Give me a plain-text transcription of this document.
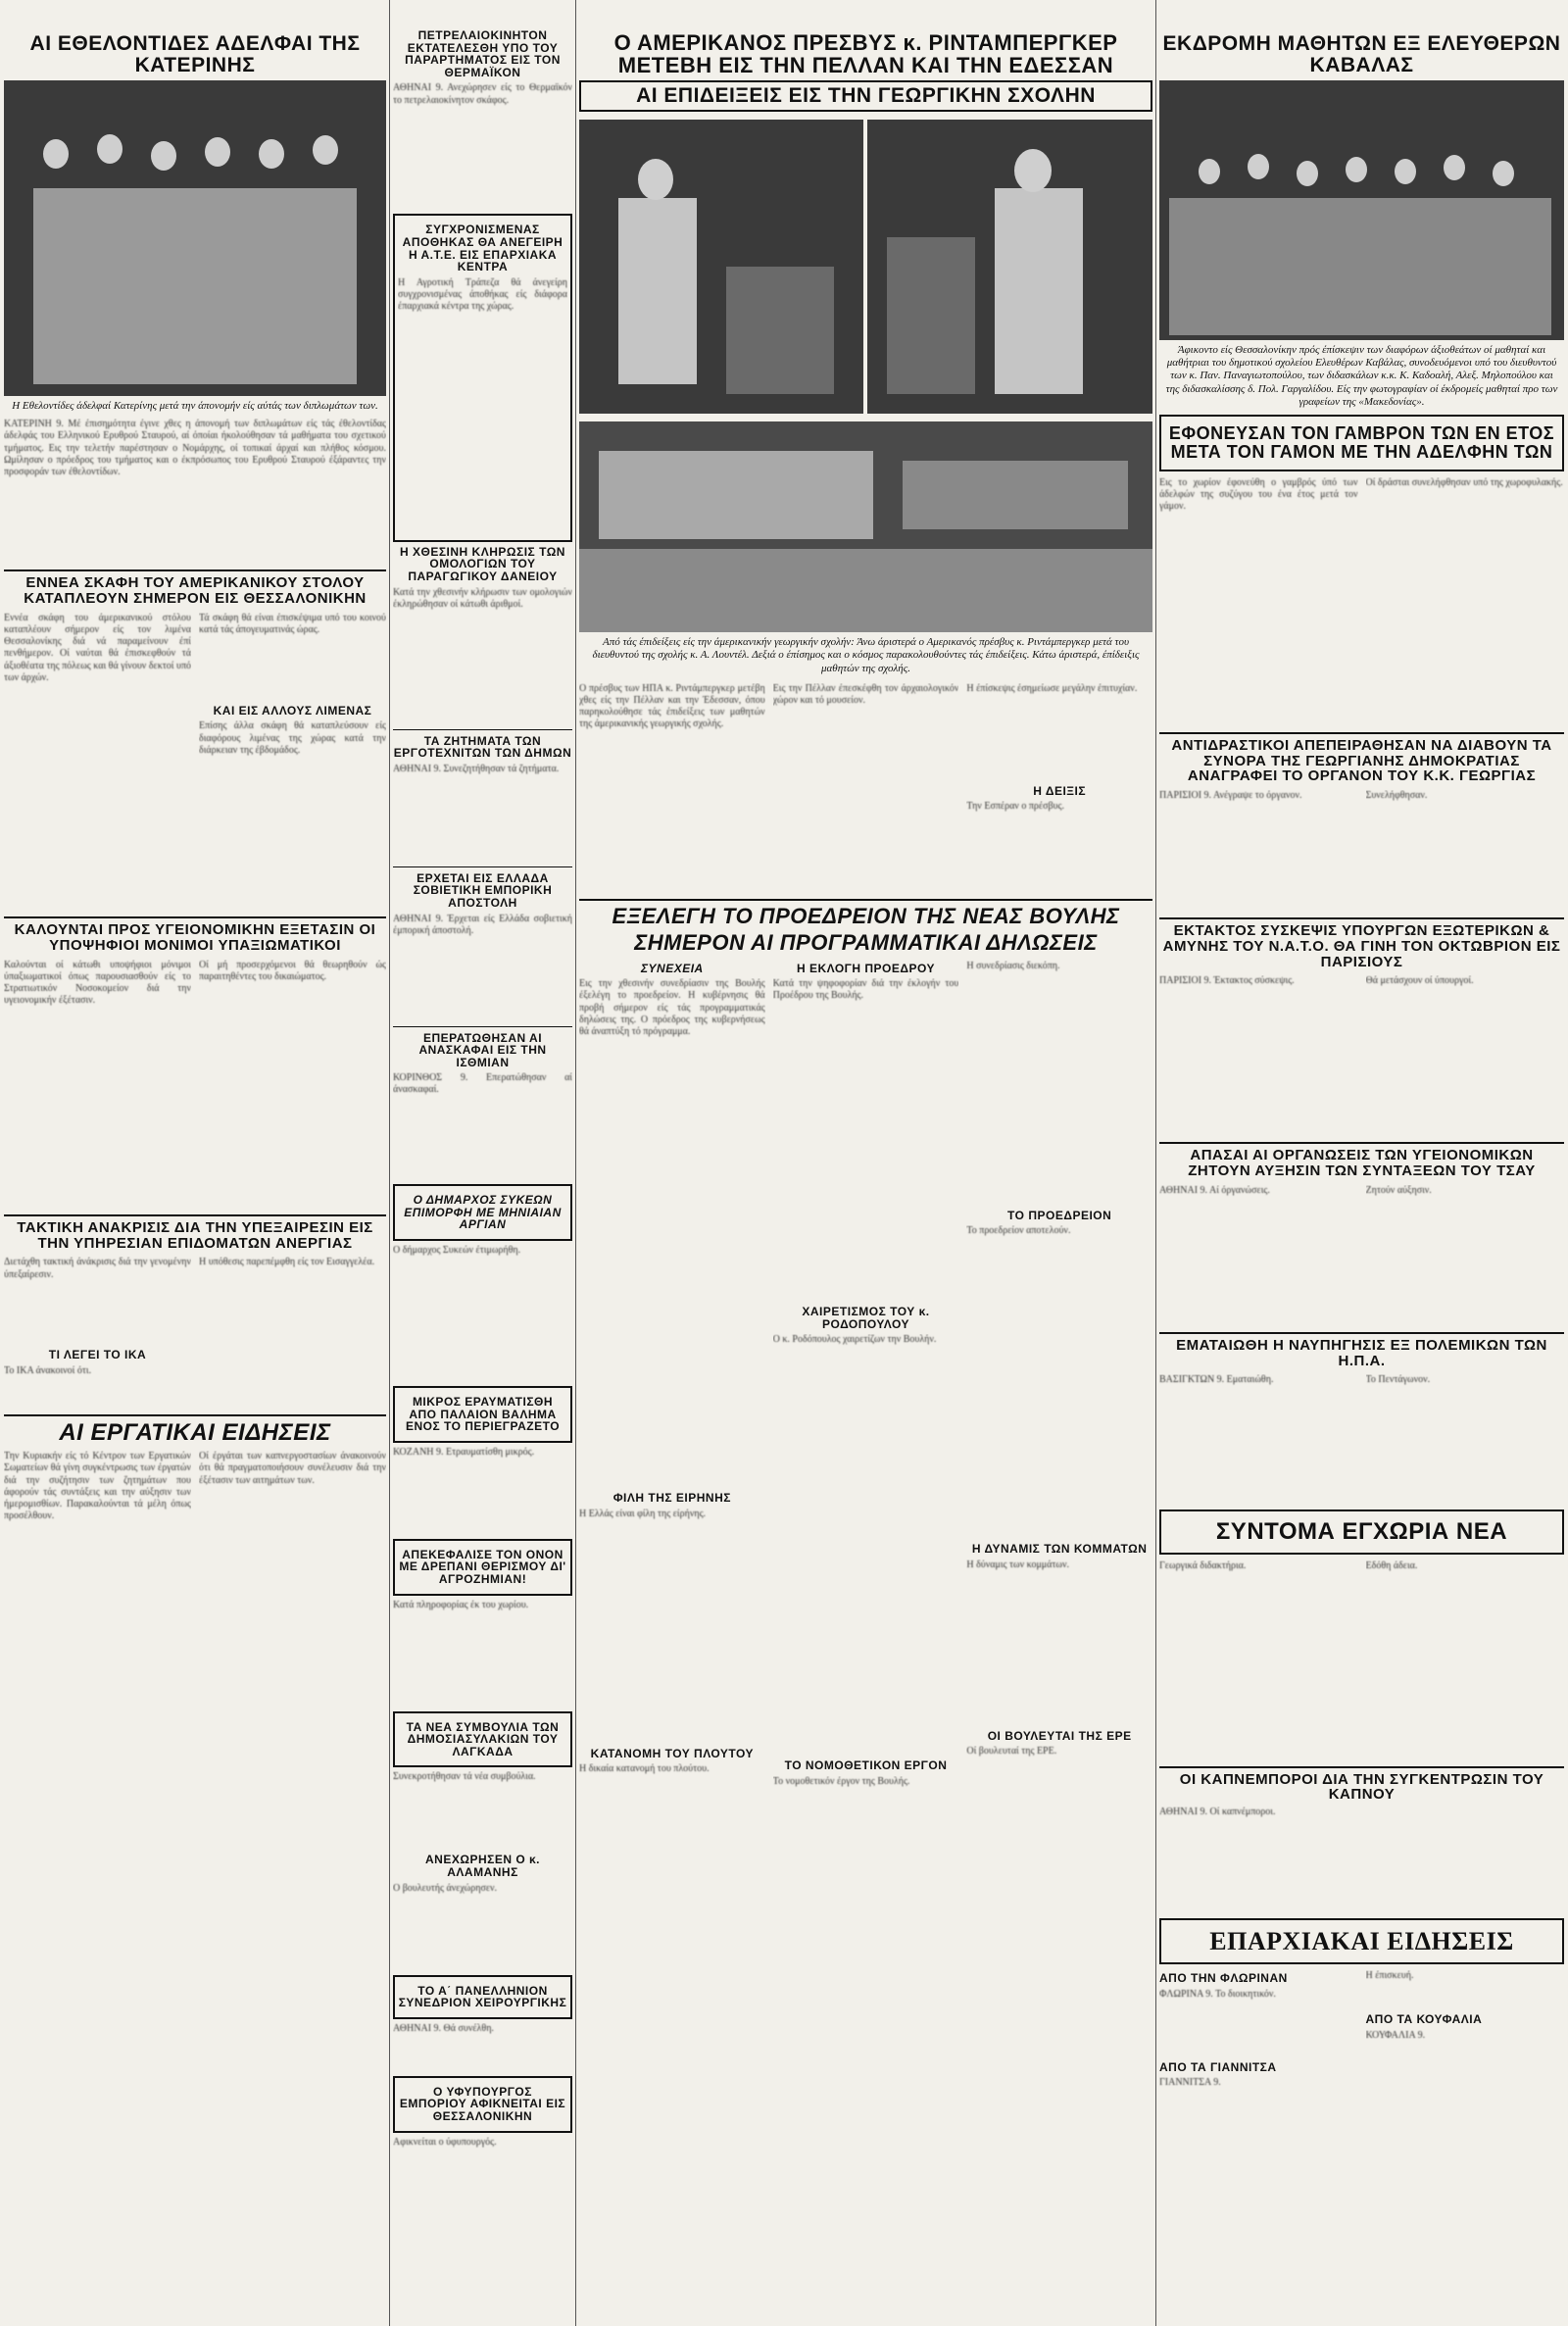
ΑΙ ΕΘΕΛΟΝΤΙΔΕΣ ΑΔΕΛΦΑΙ ΤΗΣ ΚΑΤΕΡΙΝΗΣ
Η Εθελοντίδες άδελφαί Κατερίνης μετά την άπονομήν είς αύτάς των διπλωμάτων των.
ΚΑΤΕΡΙΝΗ 9. Μέ έπισημότητα έγινε χθες η άπονομή των διπλωμάτων είς τάς έθελοντίδας άδελφάς του Ελληνικού Ερυθρού Σταυρού, αί όποίαι ήκολούθησαν τά μαθήματα του σχετικού τμήματος. Εις την τελετήν παρέστησαν ο Νομάρχης, οί τοπικαί άρχαί και πλήθος κόσμου. Ωμίλησαν ο πρόεδρος του τμήματος και ο έκπρόσωπος του Ερυθρού Σταυρού έξάραντες την προσφοράν των έθελοντίδων.
ΕΝΝΕΑ ΣΚΑΦΗ ΤΟΥ ΑΜΕΡΙΚΑΝΙΚΟΥ ΣΤΟΛΟΥ ΚΑΤΑΠΛΕΟΥΝ ΣΗΜΕΡΟΝ ΕΙΣ ΘΕΣΣΑΛΟΝΙΚΗΝ
Εννέα σκάφη του άμερικανικού στόλου καταπλέουν σήμερον είς τον λιμένα Θεσσαλονίκης διά νά παραμείνουν έπί πενθήμερον. Οί ναύται θά έπισκεφθούν τά άξιοθέατα της πόλεως και θά γίνουν δεκτοί υπό των άρχών.
Τά σκάφη θά είναι έπισκέψιμα υπό του κοινού κατά τάς άπογευματινάς ώρας.
ΚΑΙ ΕΙΣ ΑΛΛΟΥΣ ΛΙΜΕΝΑΣ
Επίσης άλλα σκάφη θά καταπλεύσουν είς διαφόρους λιμένας της χώρας κατά την διάρκειαν της έβδομάδος.
ΚΑΛΟΥΝΤΑΙ ΠΡΟΣ ΥΓΕΙΟΝΟΜΙΚΗΝ ΕΞΕΤΑΣΙΝ ΟΙ ΥΠΟΨΗΦΙΟΙ ΜΟΝΙΜΟΙ ΥΠΑΞΙΩΜΑΤΙΚΟΙ
Καλούνται οί κάτωθι υποψήφιοι μόνιμοι ύπαξιωματικοί όπως παρουσιασθούν είς το Στρατιωτικόν Νοσοκομείον διά την υγειονομικήν έξέτασιν.
Οί μή προσερχόμενοι θά θεωρηθούν ώς παραιτηθέντες του δικαιώματος.
ΤΑΚΤΙΚΗ ΑΝΑΚΡΙΣΙΣ ΔΙΑ ΤΗΝ ΥΠΕΞΑΙΡΕΣΙΝ ΕΙΣ ΤΗΝ ΥΠΗΡΕΣΙΑΝ ΕΠΙΔΟΜΑΤΩΝ ΑΝΕΡΓΙΑΣ
Διετάχθη τακτική άνάκρισις διά την γενομένην ύπεξαίρεσιν.
ΤΙ ΛΕΓΕΙ ΤΟ ΙΚΑ
Το ΙΚΑ άνακοινοί ότι.
Η υπόθεσις παρεπέμφθη είς τον Εισαγγελέα.
ΑΙ ΕΡΓΑΤΙΚΑΙ ΕΙΔΗΣΕΙΣ
Την Κυριακήν είς τό Κέντρον των Εργατικών Σωματείων θά γίνη συγκέντρωσις των έργατών διά την συζήτησιν των ζητημάτων που άφορούν τάς συντάξεις και την αύξησιν των ήμερομισθίων. Παρακαλούνται τά μέλη όπως προσέλθουν.
Οί έργάται των καπνεργοστασίων άνακοινούν ότι θά πραγματοποιήσουν συνέλευσιν διά την έξέτασιν των αιτημάτων των.
ΠΕΤΡΕΛΑΙΟΚΙΝΗΤΟΝ ΕΚΤΑΤΕΛΕΣΘΗ ΥΠΟ ΤΟΥ ΠΑΡΑΡΤΗΜΑΤΟΣ ΕΙΣ ΤΟΝ ΘΕΡΜΑΪΚΟΝ
ΑΘΗΝΑΙ 9. Ανεχώρησεν είς το Θερμαϊκόν το πετρελαιοκίνητον σκάφος.
ΣΥΓΧΡΟΝΙΣΜΕΝΑΣ ΑΠΟΘΗΚΑΣ ΘΑ ΑΝΕΓΕΙΡΗ Η Α.Τ.Ε. ΕΙΣ ΕΠΑΡΧΙΑΚΑ ΚΕΝΤΡΑ
Η Αγροτική Τράπεζα θά άνεγείρη συγχρονισμένας άποθήκας είς διάφορα έπαρχιακά κέντρα της χώρας.
Η ΧΘΕΣΙΝΗ ΚΛΗΡΩΣΙΣ ΤΩΝ ΟΜΟΛΟΓΙΩΝ ΤΟΥ ΠΑΡΑΓΩΓΙΚΟΥ ΔΑΝΕΙΟΥ
Κατά την χθεσινήν κλήρωσιν των ομολογιών έκληρώθησαν οί κάτωθι άριθμοί.
ΤΑ ΖΗΤΗΜΑΤΑ ΤΩΝ ΕΡΓΟΤΕΧΝΙΤΩΝ ΤΩΝ ΔΗΜΩΝ
ΑΘΗΝΑΙ 9. Συνεζητήθησαν τά ζητήματα.
ΕΡΧΕΤΑΙ ΕΙΣ ΕΛΛΑΔΑ ΣΟΒΙΕΤΙΚΗ ΕΜΠΟΡΙΚΗ ΑΠΟΣΤΟΛΗ
ΑΘΗΝΑΙ 9. Έρχεται είς Ελλάδα σοβιετική έμπορική άποστολή.
ΕΠΕΡΑΤΩΘΗΣΑΝ ΑΙ ΑΝΑΣΚΑΦΑΙ ΕΙΣ ΤΗΝ ΙΣΘΜΙΑΝ
ΚΟΡΙΝΘΟΣ 9. Επερατώθησαν αί άνασκαφαί.
Ο ΔΗΜΑΡΧΟΣ ΣΥΚΕΩΝ ΕΠΙΜΟΡΦΗ ΜΕ ΜΗΝΙΑΙΑΝ ΑΡΓΙΑΝ
Ο δήμαρχος Συκεών έτιμωρήθη.
ΜΙΚΡΟΣ ΕΡΑΥΜΑΤΙΣΘΗ ΑΠΟ ΠΑΛΑΙΟΝ ΒΑΛΗΜΑ ΕΝΟΣ ΤΟ ΠΕΡΙΕΓΡΑΖΕΤΟ
ΚΟΖΑΝΗ 9. Ετραυματίσθη μικρός.
ΑΠΕΚΕΦΑΛΙΣΕ ΤΟΝ ΟΝΟΝ ΜΕ ΔΡΕΠΑΝΙ ΘΕΡΙΣΜΟΥ ΔΙ' ΑΓΡΟΖΗΜΙΑΝ!
Κατά πληροφορίας έκ του χωρίου.
ΤΑ ΝΕΑ ΣΥΜΒΟΥΛΙΑ ΤΩΝ ΔΗΜΟΣΙΑΣΥΛΑΚΙΩΝ ΤΟΥ ΛΑΓΚΑΔΑ
Συνεκροτήθησαν τά νέα συμβούλια.
ΑΝΕΧΩΡΗΣΕΝ Ο κ. ΑΛΑΜΑΝΗΣ
Ο βουλευτής άνεχώρησεν.
ΤΟ Α΄ ΠΑΝΕΛΛΗΝΙΟΝ ΣΥΝΕΔΡΙΟΝ ΧΕΙΡΟΥΡΓΙΚΗΣ
ΑΘΗΝΑΙ 9. Θά συνέλθη.
Ο ΥΦΥΠΟΥΡΓΟΣ ΕΜΠΟΡΙΟΥ ΑΦΙΚΝΕΙΤΑΙ ΕΙΣ ΘΕΣΣΑΛΟΝΙΚΗΝ
Αφικνείται ο ύφυπουργός.
Ο ΑΜΕΡΙΚΑΝΟΣ ΠΡΕΣΒΥΣ κ. ΡΙΝΤΑΜΠΕΡΓΚΕΡ ΜΕΤΕΒΗ ΕΙΣ ΤΗΝ ΠΕΛΛΑΝ ΚΑΙ ΤΗΝ ΕΔΕΣΣΑΝ
ΑΙ ΕΠΙΔΕΙΞΕΙΣ ΕΙΣ ΤΗΝ ΓΕΩΡΓΙΚΗΝ ΣΧΟΛΗΝ
Από τάς έπιδείξεις είς την άμερικανικήν γεωργικήν σχολήν: Άνω άριστερά ο Αμερικανός πρέσβυς κ. Ριντάμπεργκερ μετά του διευθυντού της σχολής κ. Α. Λουντέλ. Δεξιά ο έπίσημος και ο κόσμος παρακολουθούντες τάς έπιδείξεις. Κάτω άριστερά, έπίδειξις μαθητών της σχολής.
Ο πρέσβυς των ΗΠΑ κ. Ριντάμπεργκερ μετέβη χθες είς την Πέλλαν και την Έδεσσαν, όπου παρηκολούθησε τάς έπιδείξεις των μαθητών της άμερικανικής γεωργικής σχολής.
Εις την Πέλλαν έπεσκέφθη τον άρχαιολογικόν χώρον και τό μουσείον.
Η έπίσκεψις έσημείωσε μεγάλην έπιτυχίαν.
Η ΔΕΙΞΙΣ
Την Εσπέραν ο πρέσβυς.
ΕΞΕΛΕΓΗ ΤΟ ΠΡΟΕΔΡΕΙΟΝ ΤΗΣ ΝΕΑΣ ΒΟΥΛΗΣ
ΣΗΜΕΡΟΝ ΑΙ ΠΡΟΓΡΑΜΜΑΤΙΚΑΙ ΔΗΛΩΣΕΙΣ
ΣΥΝΕΧΕΙΑ
Εις την χθεσινήν συνεδρίασιν της Βουλής έξελέγη το προεδρείον. Η κυβέρνησις θά προβή σήμερον είς τάς προγραμματικάς δηλώσεις της. Ο πρόεδρος της κυβερνήσεως θά άναπτύξη τό πρόγραμμα.
ΦΙΛΗ ΤΗΣ ΕΙΡΗΝΗΣ
Η Ελλάς είναι φίλη της είρήνης.
ΚΑΤΑΝΟΜΗ ΤΟΥ ΠΛΟΥΤΟΥ
Η δικαία κατανομή του πλούτου.
Η ΕΚΛΟΓΗ ΠΡΟΕΔΡΟΥ
Κατά την ψηφοφορίαν διά την έκλογήν του Προέδρου της Βουλής.
ΧΑΙΡΕΤΙΣΜΟΣ ΤΟΥ κ. ΡΟΔΟΠΟΥΛΟΥ
Ο κ. Ροδόπουλος χαιρετίζων την Βουλήν.
ΤΟ ΝΟΜΟΘΕΤΙΚΟΝ ΕΡΓΟΝ
Το νομοθετικόν έργον της Βουλής.
Η συνεδρίασις διεκόπη.
ΤΟ ΠΡΟΕΔΡΕΙΟΝ
Το προεδρείον αποτελούν.
Η ΔΥΝΑΜΙΣ ΤΩΝ ΚΟΜΜΑΤΩΝ
Η δύναμις των κομμάτων.
ΟΙ ΒΟΥΛΕΥΤΑΙ ΤΗΣ ΕΡΕ
Οί βουλευταί της ΕΡΕ.
ΕΚΔΡΟΜΗ ΜΑΘΗΤΩΝ ΕΞ ΕΛΕΥΘΕΡΩΝ ΚΑΒΑΛΑΣ
Άφικοντο είς Θεσσαλονίκην πρός έπίσκεψιν των διαφόρων άξιοθεάτων οί μαθηταί και μαθήτριαι του δημοτικού σχολείου Ελευθέρων Καβάλας, συνοδευόμενοι υπό του διευθυντού των κ. Παν. Παναγιωτοπούλου, των διδασκάλων κ.κ. Κ. Καδοαλή, Αλεξ. Μηλοπούλου και της διδασκαλίσσης δ. Πολ. Γαργαλίδου. Είς την φωτογραφίαν οί έκδρομείς μαθηταί προ των γραφείων της «Μακεδονίας».
ΕΦΟΝΕΥΣΑΝ ΤΟΝ ΓΑΜΒΡΟΝ ΤΩΝ ΕΝ ΕΤΟΣ ΜΕΤΑ ΤΟΝ ΓΑΜΟΝ ΜΕ ΤΗΝ ΑΔΕΛΦΗΝ ΤΩΝ
Εις το χωρίον έφονεύθη ο γαμβρός ύπό των άδελφών της συζύγου του ένα έτος μετά τον γάμον.
Οί δράσται συνελήφθησαν υπό της χωροφυλακής.
ΑΝΤΙΔΡΑΣΤΙΚΟΙ ΑΠΕΠΕΙΡΑΘΗΣΑΝ ΝΑ ΔΙΑΒΟΥΝ ΤΑ ΣΥΝΟΡΑ ΤΗΣ ΓΕΩΡΓΙΑΝΗΣ ΔΗΜΟΚΡΑΤΙΑΣ ΑΝΑΓΡΑΦΕΙ ΤΟ ΟΡΓΑΝΟΝ ΤΟΥ Κ.Κ. ΓΕΩΡΓΙΑΣ
ΠΑΡΙΣΙΟΙ 9. Ανέγραψε το όργανον.	Συνελήφθησαν.
ΕΚΤΑΚΤΟΣ ΣΥΣΚΕΨΙΣ ΥΠΟΥΡΓΩΝ ΕΞΩΤΕΡΙΚΩΝ & ΑΜΥΝΗΣ ΤΟΥ Ν.Α.Τ.Ο. ΘΑ ΓΙΝΗ ΤΟΝ ΟΚΤΩΒΡΙΟΝ ΕΙΣ ΠΑΡΙΣΙΟΥΣ
ΠΑΡΙΣΙΟΙ 9. Έκτακτος σύσκεψις.	Θά μετάσχουν οί ύπουργοί.
ΑΠΑΣΑΙ ΑΙ ΟΡΓΑΝΩΣΕΙΣ ΤΩΝ ΥΓΕΙΟΝΟΜΙΚΩΝ ΖΗΤΟΥΝ ΑΥΞΗΣΙΝ ΤΩΝ ΣΥΝΤΑΞΕΩΝ ΤΟΥ ΤΣΑΥ
ΑΘΗΝΑΙ 9. Αί όργανώσεις.	Ζητούν αύξησιν.
ΕΜΑΤΑΙΩΘΗ Η ΝΑΥΠΗΓΗΣΙΣ ΕΞ ΠΟΛΕΜΙΚΩΝ ΤΩΝ Η.Π.Α.
ΒΑΣΙΓΚΤΩΝ 9. Εματαιώθη.	Το Πεντάγωνον.
ΣΥΝΤΟΜΑ ΕΓΧΩΡΙΑ ΝΕΑ
Γεωργικά διδακτήρια.	Εδόθη άδεια.
ΟΙ ΚΑΠΝΕΜΠΟΡΟΙ ΔΙΑ ΤΗΝ ΣΥΓΚΕΝΤΡΩΣΙΝ ΤΟΥ ΚΑΠΝΟΥ
ΑΘΗΝΑΙ 9. Οί καπνέμποροι.
ΕΠΑΡΧΙΑΚΑΙ ΕΙΔΗΣΕΙΣ
ΑΠΟ ΤΗΝ ΦΛΩΡΙΝΑΝ
ΦΛΩΡΙΝΑ 9. Το διοικητικόν.
ΑΠΟ ΤΑ ΓΙΑΝΝΙΤΣΑ
ΓΙΑΝΝΙΤΣΑ 9.
Η έπισκευή.
ΑΠΟ ΤΑ ΚΟΥΦΑΛΙΑ
ΚΟΥΦΑΛΙΑ 9.
